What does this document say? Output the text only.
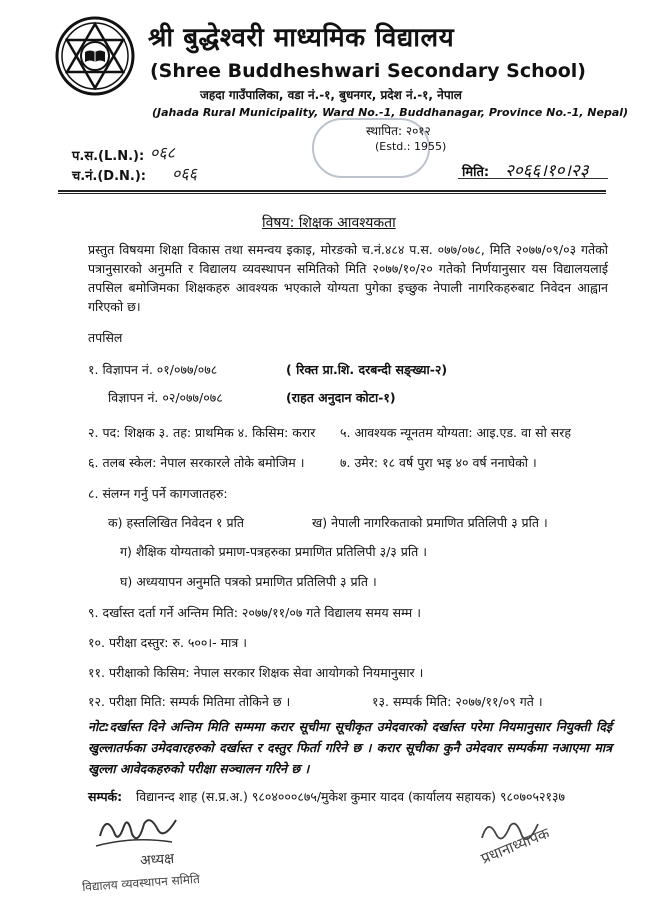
श्री बुद्धेश्वरी माध्यमिक विद्यालय
(Shree Buddheshwari Secondary School)
जहदा गाउँपालिका, वडा नं.-१, बुधनगर, प्रदेश नं.-१, नेपाल
(Jahada Rural Municipality, Ward No.-1, Buddhanagar, Province No.-1, Nepal)
स्थापित: २०१२
(Estd.: 1955)
प.स.(L.N.): ०६८
च.नं.(D.N.): ०६६	मिति: २०६६।१०।२३
विषय: शिक्षक आवश्यकता
प्रस्तुत विषयमा शिक्षा विकास तथा समन्वय इकाइ, मोरङको च.नं.४८४ प.स. ०७७/०७८, मिति २०७७/०९/०३ गतेको पत्रानुसारको अनुमति र विद्यालय व्यवस्थापन समितिको मिति २०७७/१०/२० गतेको निर्णयानुसार यस विद्यालयलाई तपसिल बमोजिमका शिक्षकहरु आवश्यक भएकाले योग्यता पुगेका इच्छुक नेपाली नागरिकहरुबाट निवेदन आह्वान गरिएको छ।
तपसिल
१. विज्ञापन नं. ०१/०७७/०७८	( रिक्त प्रा.शि. दरबन्दी सङ्ख्या-२)
विज्ञापन नं. ०२/०७७/०७८	(राहत अनुदान कोटा-१)
२. पद: शिक्षक ३. तह: प्राथमिक ४. किसिम: करार ५. आवश्यक न्यूनतम योग्यता: आइ.एड. वा सो सरह
६. तलब स्केल: नेपाल सरकारले तोके बमोजिम ।	७. उमेर: १८ वर्ष पुरा भइ ४० वर्ष ननाघेको ।
८. संलग्न गर्नु पर्ने कागजातहरु:
क) हस्तलिखित निवेदन १ प्रति	ख) नेपाली नागरिकताको प्रमाणित प्रतिलिपी ३ प्रति ।
ग) शैक्षिक योग्यताको प्रमाण-पत्रहरुका प्रमाणित प्रतिलिपी ३/३ प्रति ।
घ) अध्ययापन अनुमति पत्रको प्रमाणित प्रतिलिपी ३ प्रति ।
९. दर्खास्त दर्ता गर्ने अन्तिम मिति: २०७७/११/०७ गते विद्यालय समय सम्म ।
१०. परीक्षा दस्तुर: रु. ५००।- मात्र ।
११. परीक्षाको किसिम: नेपाल सरकार शिक्षक सेवा आयोगको नियमानुसार ।
१२. परीक्षा मिति: सम्पर्क मितिमा तोकिने छ ।	१३. सम्पर्क मिति: २०७७/११/०९ गते ।
नोट:दर्खास्त दिने अन्तिम मिति सम्ममा करार सूचीमा सूचीकृत उमेदवारको दर्खास्त परेमा नियमानुसार नियुक्ती दिई खुल्लातर्फका उमेदवारहरुको दर्खास्त र दस्तुर फिर्ता गरिने छ । करार सूचीका कुनै उमेदवार सम्पर्कमा नआएमा मात्र खुल्ला आवेदकहरुको परीक्षा सञ्चालन गरिने छ ।
सम्पर्क: विद्यानन्द शाह (स.प्र.अ.) ९८०४०००८७५/मुकेश कुमार यादव (कार्यालय सहायक) ९८०७०५२१३७
अध्यक्ष
विद्यालय व्यवस्थापन समिति
प्रधानाध्यापक
